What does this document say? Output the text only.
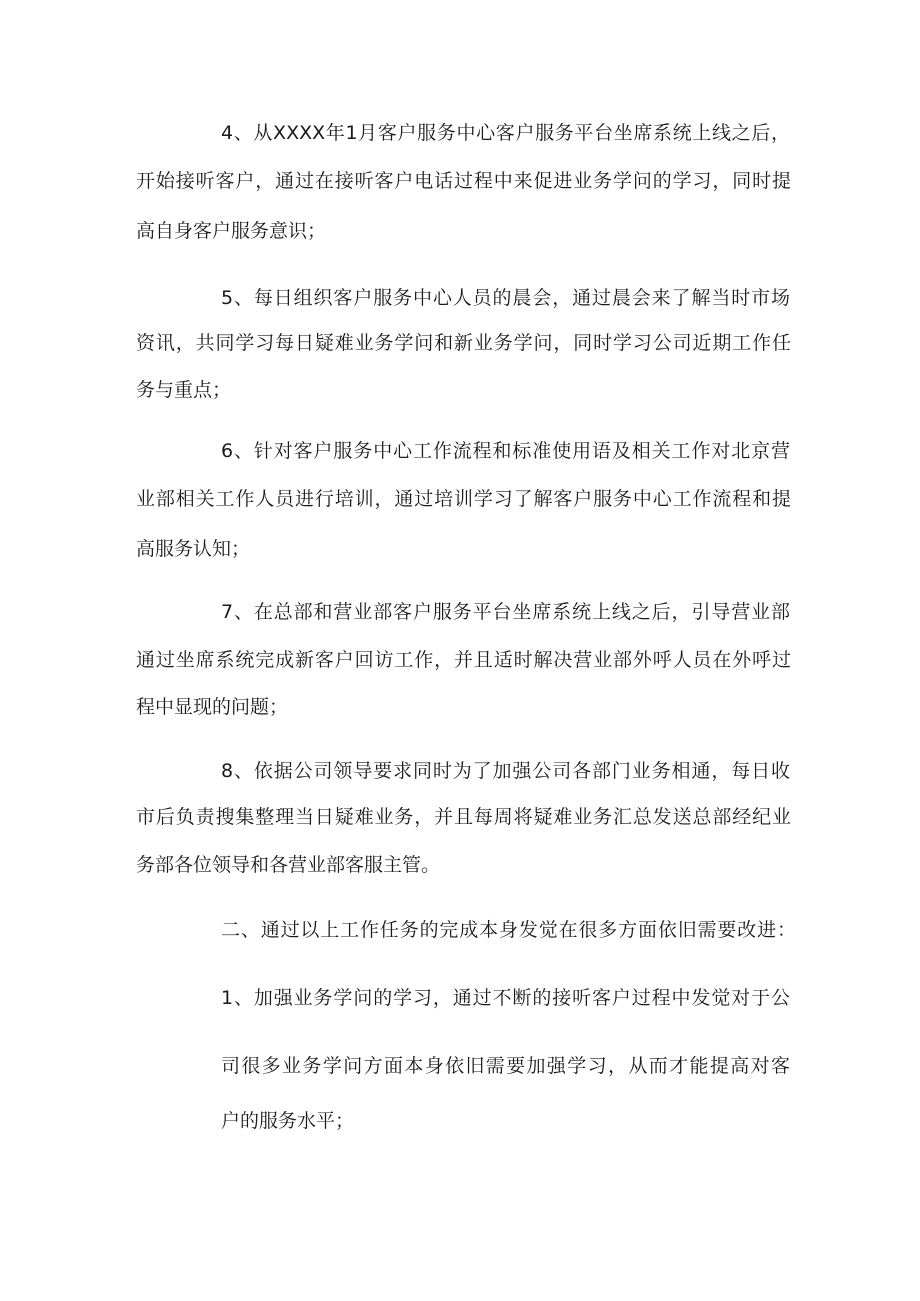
4、从XXXX年1月客户服务中心客户服务平台坐席系统上线之后，
开始接听客户，通过在接听客户电话过程中来促进业务学问的学习，同时提
高自身客户服务意识；
5、每日组织客户服务中心人员的晨会，通过晨会来了解当时市场
资讯，共同学习每日疑难业务学问和新业务学问，同时学习公司近期工作任
务与重点；
6、针对客户服务中心工作流程和标准使用语及相关工作对北京营
业部相关工作人员进行培训，通过培训学习了解客户服务中心工作流程和提
高服务认知；
7、在总部和营业部客户服务平台坐席系统上线之后，引导营业部
通过坐席系统完成新客户回访工作，并且适时解决营业部外呼人员在外呼过
程中显现的问题；
8、依据公司领导要求同时为了加强公司各部门业务相通，每日收
市后负责搜集整理当日疑难业务，并且每周将疑难业务汇总发送总部经纪业
务部各位领导和各营业部客服主管。
二、通过以上工作任务的完成本身发觉在很多方面依旧需要改进：
1、加强业务学问的学习，通过不断的接听客户过程中发觉对于公
司很多业务学问方面本身依旧需要加强学习，从而才能提高对客
户的服务水平；
